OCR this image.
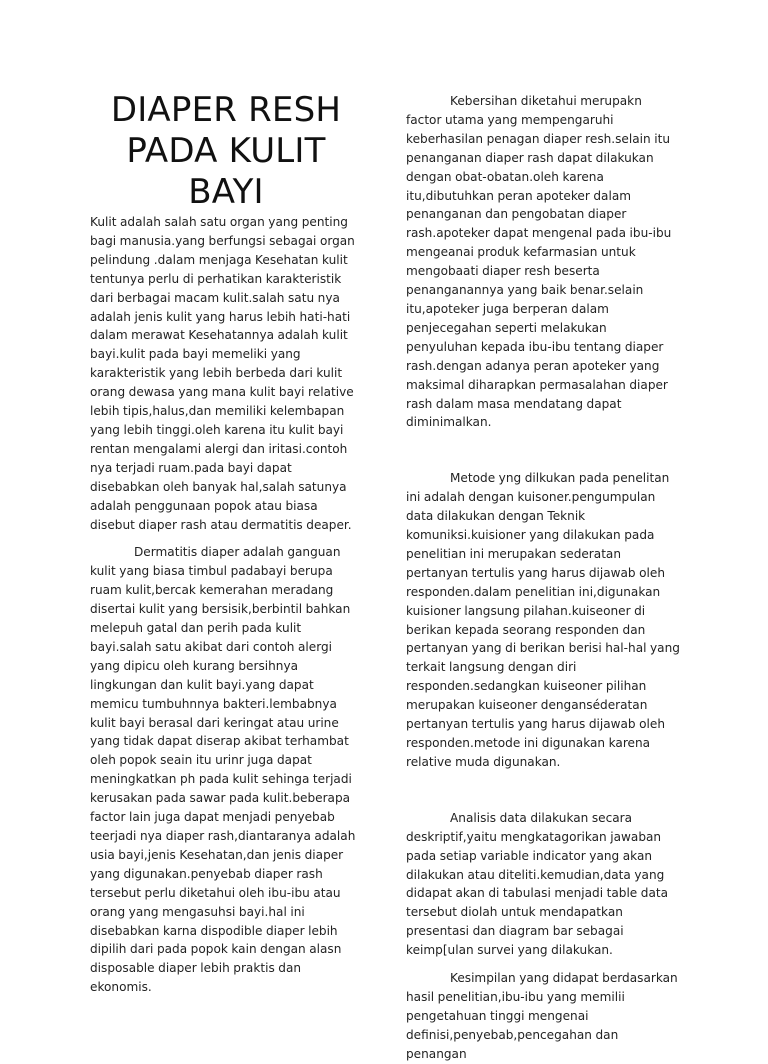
DIAPER RESH PADA KULIT BAYI

Kulit adalah salah satu organ yang penting bagi manusia.yang berfungsi sebagai organ pelindung .dalam menjaga Kesehatan kulit tentunya perlu di perhatikan karakteristik dari berbagai macam kulit.salah satu nya adalah jenis kulit yang harus lebih hati-hati dalam merawat Kesehatannya adalah kulit bayi.kulit pada bayi memeliki yang karakteristik yang lebih berbeda dari kulit orang dewasa yang mana kulit bayi relative lebih tipis,halus,dan memiliki kelembapan yang lebih tinggi.oleh karena itu kulit bayi rentan mengalami alergi dan iritasi.contoh nya terjadi ruam.pada bayi dapat disebabkan oleh banyak hal,salah satunya adalah penggunaan popok atau biasa disebut diaper rash atau dermatitis deaper.

Dermatitis diaper adalah ganguan kulit yang biasa timbul padabayi berupa ruam kulit,bercak kemerahan meradang disertai kulit yang bersisik,berbintil bahkan melepuh gatal dan perih pada kulit bayi.salah satu akibat dari contoh alergi yang dipicu oleh kurang bersihnya lingkungan dan kulit bayi.yang dapat memicu tumbuhnnya bakteri.lembabnya kulit bayi berasal dari keringat atau urine yang tidak dapat diserap akibat terhambat oleh popok seain itu urinr juga dapat meningkatkan ph pada kulit sehinga terjadi kerusakan pada sawar pada kulit.beberapa factor lain juga dapat menjadi penyebab teerjadi nya diaper rash,diantaranya adalah usia bayi,jenis Kesehatan,dan jenis diaper yang digunakan.penyebab diaper rash tersebut perlu diketahui oleh ibu-ibu atau orang yang mengasuhsi bayi.hal ini disebabkan karna dispodible diaper lebih dipilih dari pada popok kain dengan alasn disposable diaper lebih praktis dan ekonomis.

Kebersihan diketahui merupakn factor utama yang mempengaruhi keberhasilan penagan diaper resh.selain itu penanganan diaper rash dapat dilakukan dengan obat-obatan.oleh karena itu,dibutuhkan peran apoteker dalam penanganan dan pengobatan diaper rash.apoteker dapat mengenal pada ibu-ibu mengeanai produk kefarmasian untuk mengobaati diaper resh beserta penanganannya yang baik benar.selain itu,apoteker juga berperan dalam penjecegahan seperti melakukan penyuluhan kepada ibu-ibu tentang diaper rash.dengan adanya peran apoteker yang maksimal diharapkan permasalahan diaper rash dalam masa mendatang dapat diminimalkan.

Metode yng dilkukan pada penelitan ini adalah dengan kuisoner.pengumpulan data dilakukan dengan Teknik komuniksi.kuisioner yang dilakukan pada penelitian ini merupakan sederatan pertanyan tertulis yang harus dijawab oleh responden.dalam penelitian ini,digunakan kuisioner langsung pilahan.kuiseoner di berikan kepada seorang responden dan pertanyan yang di berikan berisi hal-hal yang terkait langsung dengan diri responden.sedangkan kuiseoner pilihan merupakan kuiseoner denganséderatan pertanyan tertulis yang harus dijawab oleh responden.metode ini digunakan karena relative muda digunakan.

Analisis data dilakukan secara deskriptif,yaitu mengkatagorikan jawaban pada setiap variable indicator yang akan dilakukan atau diteliti.kemudian,data yang didapat akan di tabulasi menjadi table data tersebut diolah untuk mendapatkan presentasi dan diagram bar sebagai keimp[ulan survei yang dilakukan.

Kesimpilan yang didapat berdasarkan hasil penelitian,ibu-ibu yang memilii pengetahuan tinggi mengenai definisi,penyebab,pencegahan dan penangan
